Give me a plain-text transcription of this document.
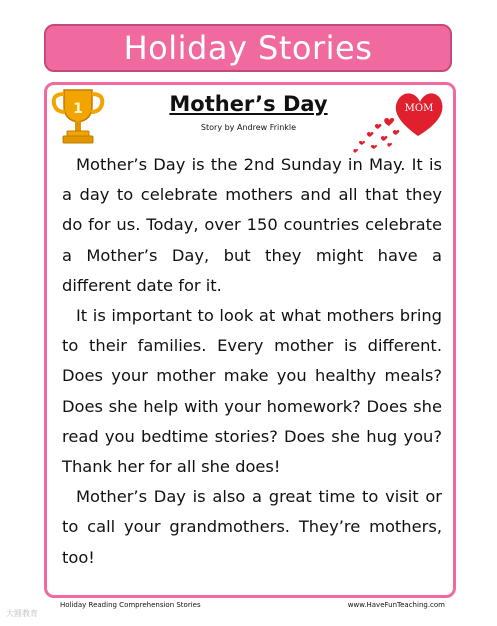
Holiday Stories
1	MOM
Mother’s Day
Story by Andrew Frinkle

Mother’s Day is the 2nd Sunday in May. It is a day to celebrate mothers and all that they do for us. Today, over 150 countries celebrate a Mother’s Day, but they might have a different date for it.

It is important to look at what mothers bring to their families. Every mother is different. Does your mother make you healthy meals? Does she help with your homework? Does she read you bedtime stories? Does she hug you? Thank her for all she does!

Mother’s Day is also a great time to visit or to call your grandmothers. They’re mothers, too!

Holiday Reading Comprehension Stories	www.HaveFunTeaching.com
大圆教育
